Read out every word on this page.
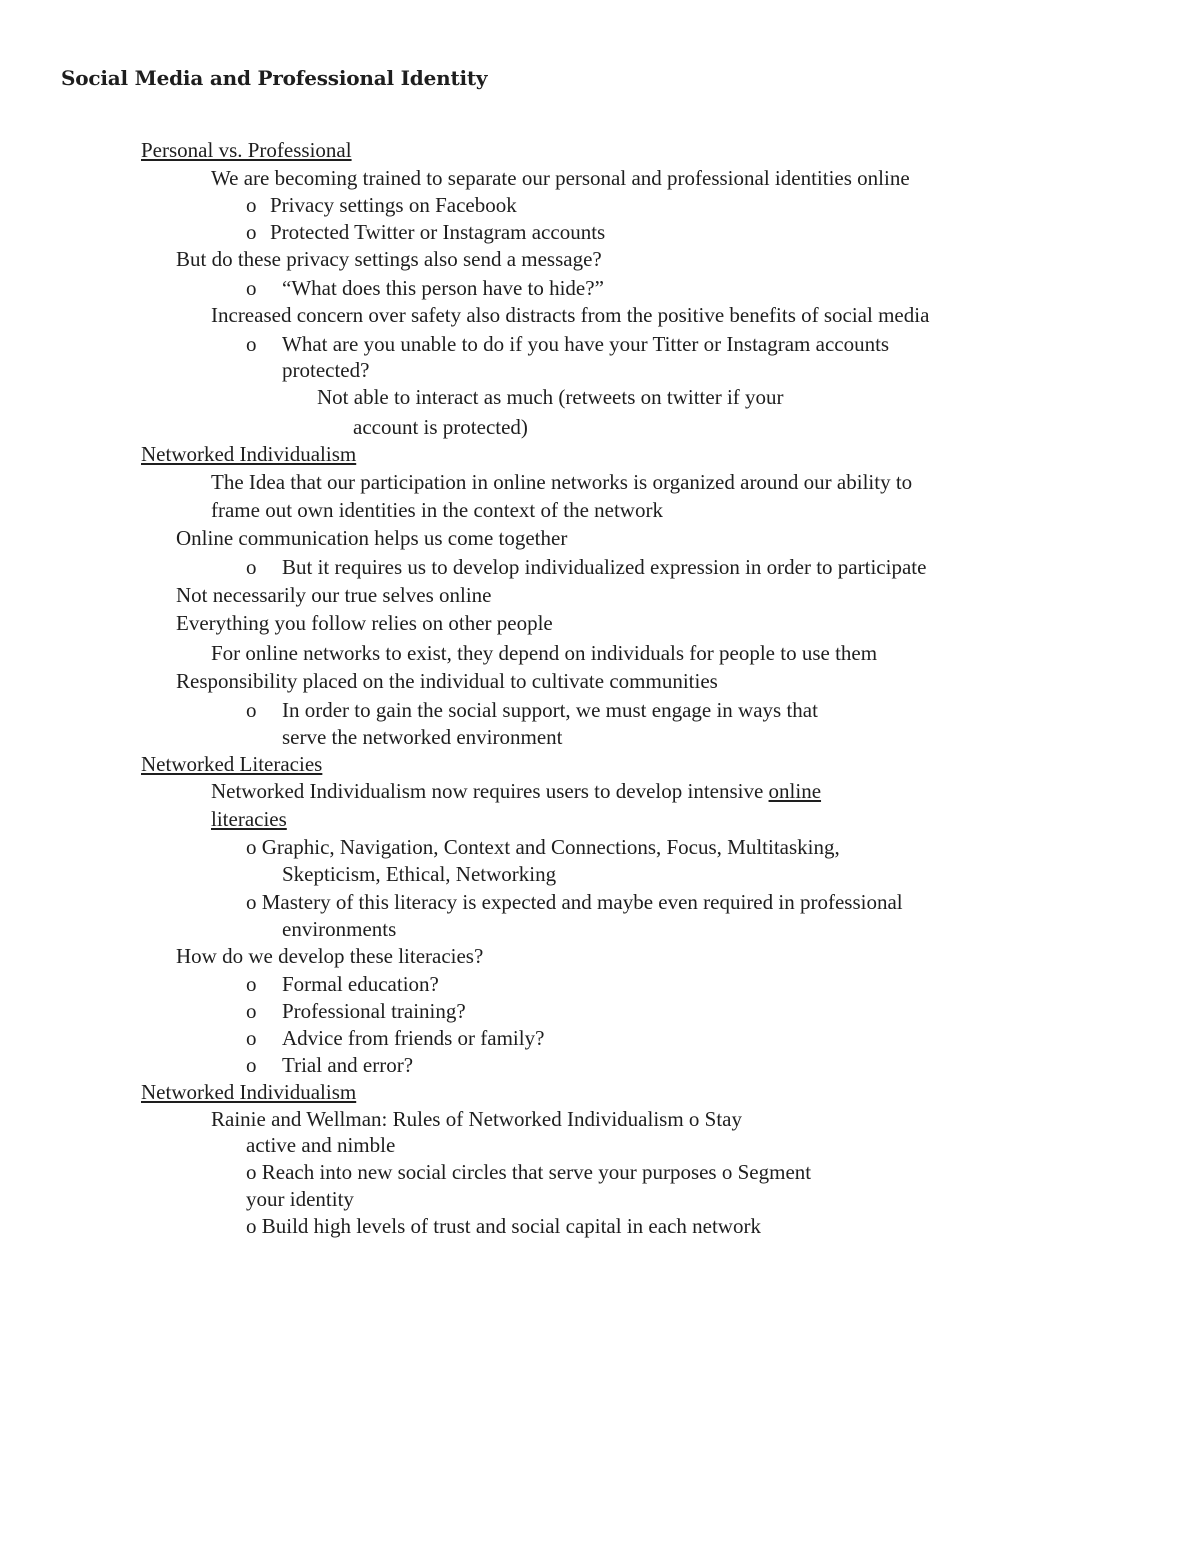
Social Media and Professional Identity
Personal vs. Professional
We are becoming trained to separate our personal and professional identities online
o Privacy settings on Facebook
o Protected Twitter or Instagram accounts
But do these privacy settings also send a message?
o “What does this person have to hide?”
Increased concern over safety also distracts from the positive benefits of social media
o What are you unable to do if you have your Titter or Instagram accounts
protected?
Not able to interact as much (retweets on twitter if your
account is protected)
Networked Individualism
The Idea that our participation in online networks is organized around our ability to
frame out own identities in the context of the network
Online communication helps us come together
o But it requires us to develop individualized expression in order to participate
Not necessarily our true selves online
Everything you follow relies on other people
For online networks to exist, they depend on individuals for people to use them
Responsibility placed on the individual to cultivate communities
o In order to gain the social support, we must engage in ways that
serve the networked environment
Networked Literacies
Networked Individualism now requires users to develop intensive online
literacies
o Graphic, Navigation, Context and Connections, Focus, Multitasking,
Skepticism, Ethical, Networking
o Mastery of this literacy is expected and maybe even required in professional
environments
How do we develop these literacies?
o Formal education?
o Professional training?
o Advice from friends or family?
o Trial and error?
Networked Individualism
Rainie and Wellman: Rules of Networked Individualism o Stay
active and nimble
o Reach into new social circles that serve your purposes o Segment
your identity
o Build high levels of trust and social capital in each network
